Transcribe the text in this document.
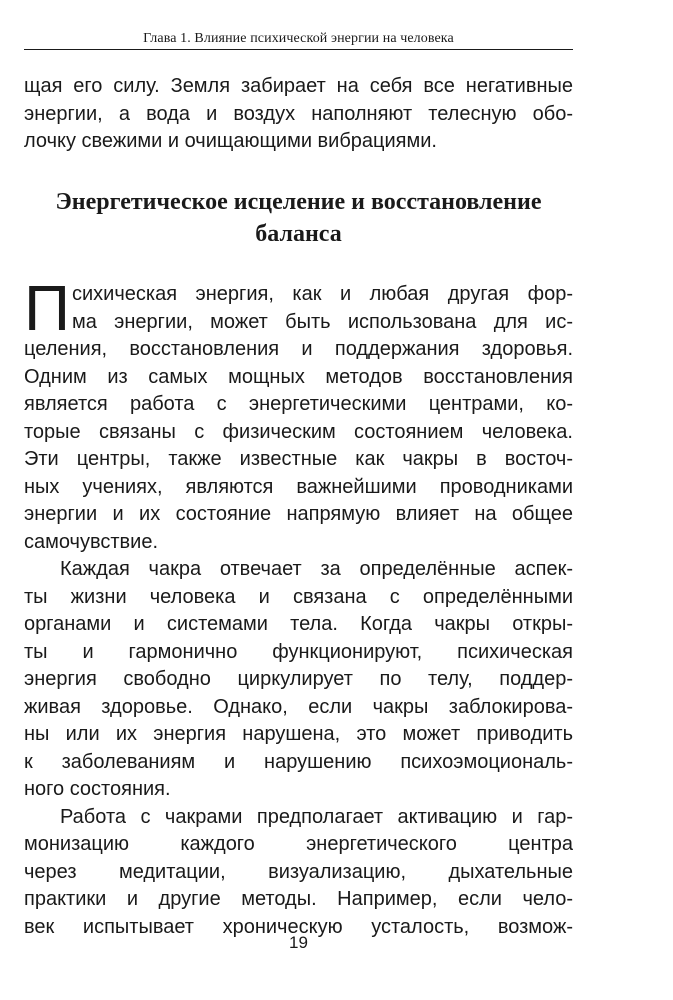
Глава 1. Влияние психической энергии на человека
щая его силу. Земля забирает на себя все негативные
энергии, а вода и воздух наполняют телесную обо-
лочку свежими и очищающими вибрациями.
Энергетическое исцеление и восстановление
баланса
П сихическая энергия, как и любая другая фор-
ма энергии, может быть использована для ис-
целения, восстановления и поддержания здоровья.
Одним из самых мощных методов восстановления
является работа с энергетическими центрами, ко-
торые связаны с физическим состоянием человека.
Эти центры, также известные как чакры в восточ-
ных учениях, являются важнейшими проводниками
энергии и их состояние напрямую влияет на общее
самочувствие.
Каждая чакра отвечает за определённые аспек-
ты жизни человека и связана с определёнными
органами и системами тела. Когда чакры откры-
ты и гармонично функционируют, психическая
энергия свободно циркулирует по телу, поддер-
живая здоровье. Однако, если чакры заблокирова-
ны или их энергия нарушена, это может приводить
к заболеваниям и нарушению психоэмоциональ-
ного состояния.
Работа с чакрами предполагает активацию и гар-
монизацию каждого энергетического центра
через медитации, визуализацию, дыхательные
практики и другие методы. Например, если чело-
век испытывает хроническую усталость, возмож-
19
